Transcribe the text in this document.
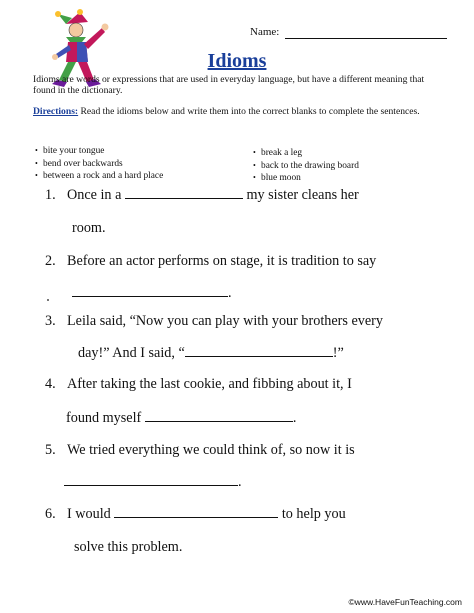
Name:
Idioms
Idioms are words or expressions that are used in everyday language, but have a different meaning that found in the dictionary.
Directions: Read the idioms below and write them into the correct blanks to complete the sentences.
• bite your tongue
• bend over backwards
• between a rock and a hard place
• break a leg
• back to the drawing board
• blue moon
1. Once in a	my sister cleans her
room.
2. Before an actor performs on stage, it is tradition to say
.
3. Leila said, “Now you can play with your brothers every
day!” And I said, “	!”
4. After taking the last cookie, and fibbing about it, I
found myself	.
5. We tried everything we could think of, so now it is
.
6. I would	to help you
solve this problem.
©www.HaveFunTeaching.com
